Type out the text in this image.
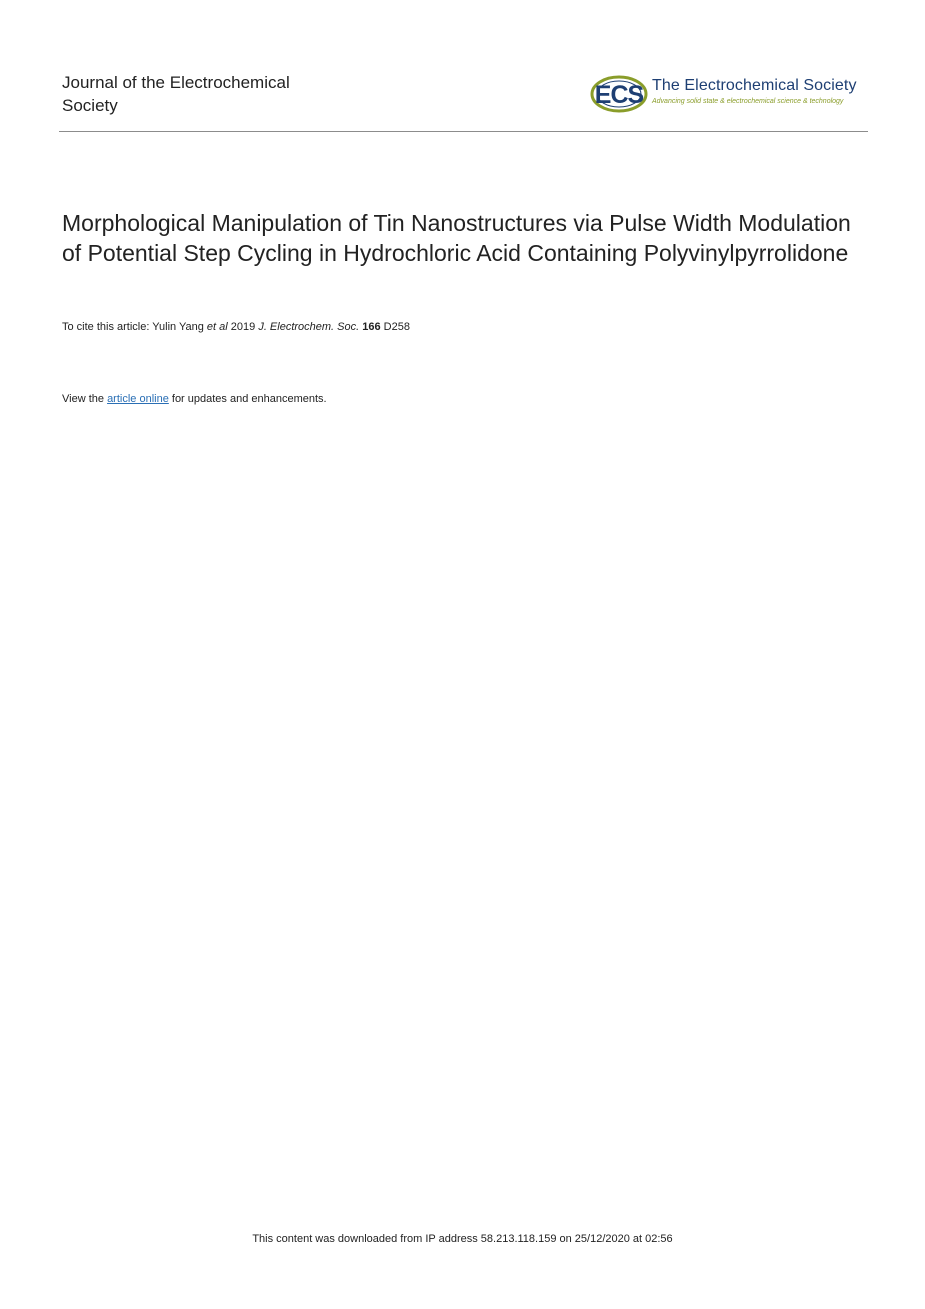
Journal of the Electrochemical Society	ECS The Electrochemical Society
Advancing solid state & electrochemical science & technology
Morphological Manipulation of Tin Nanostructures via Pulse Width Modulation of Potential Step Cycling in Hydrochloric Acid Containing Polyvinylpyrrolidone
To cite this article: Yulin Yang et al 2019 J. Electrochem. Soc. 166 D258
View the article online for updates and enhancements.
This content was downloaded from IP address 58.213.118.159 on 25/12/2020 at 02:56
